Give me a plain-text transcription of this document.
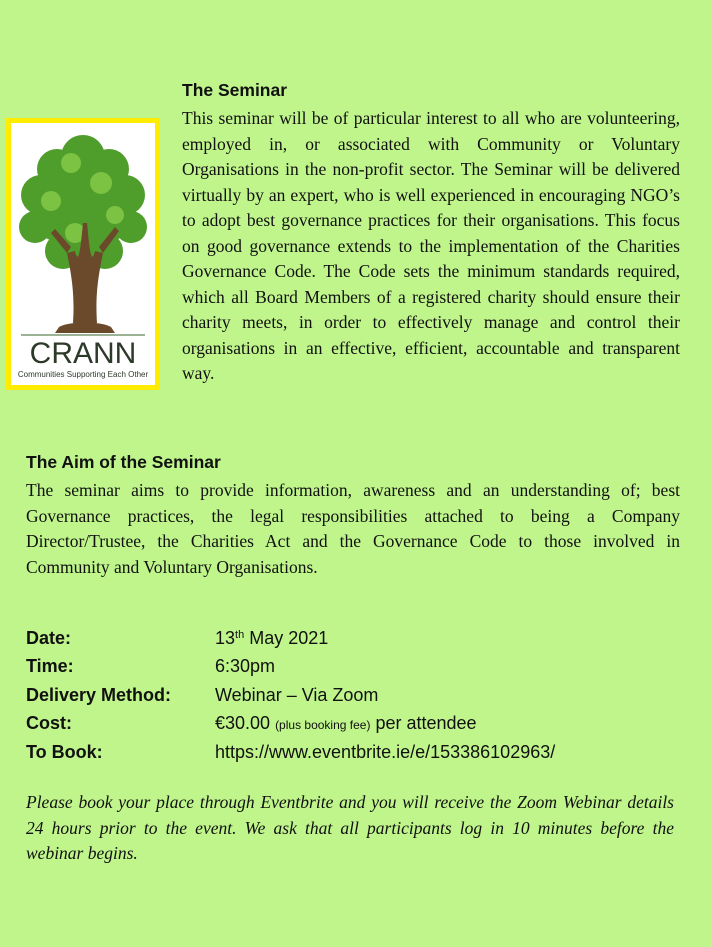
CRANN
Communities Supporting Each Other
The Seminar

This seminar will be of particular interest to all who are volunteering, employed in, or associated with Community or Voluntary Organisations in the non-profit sector. The Seminar will be delivered virtually by an expert, who is well experienced in encouraging NGO’s to adopt best governance practices for their organisations. This focus on good governance extends to the implementation of the Charities Governance Code. The Code sets the minimum standards required, which all Board Members of a registered charity should ensure their charity meets, in order to effectively manage and control their organisations in an effective, efficient, accountable and transparent way.

The Aim of the Seminar

The seminar aims to provide information, awareness and an understanding of; best Governance practices, the legal responsibilities attached to being a Company Director/Trustee, the Charities Act and the Governance Code to those involved in Community and Voluntary Organisations.

Date:	13th May 2021
Time:	6:30pm
Delivery Method:	Webinar – Via Zoom
Cost:	€30.00 (plus booking fee) per attendee
To Book:	https://www.eventbrite.ie/e/153386102963/

Please book your place through Eventbrite and you will receive the Zoom Webinar details 24 hours prior to the event. We ask that all participants log in 10 minutes before the webinar begins.
